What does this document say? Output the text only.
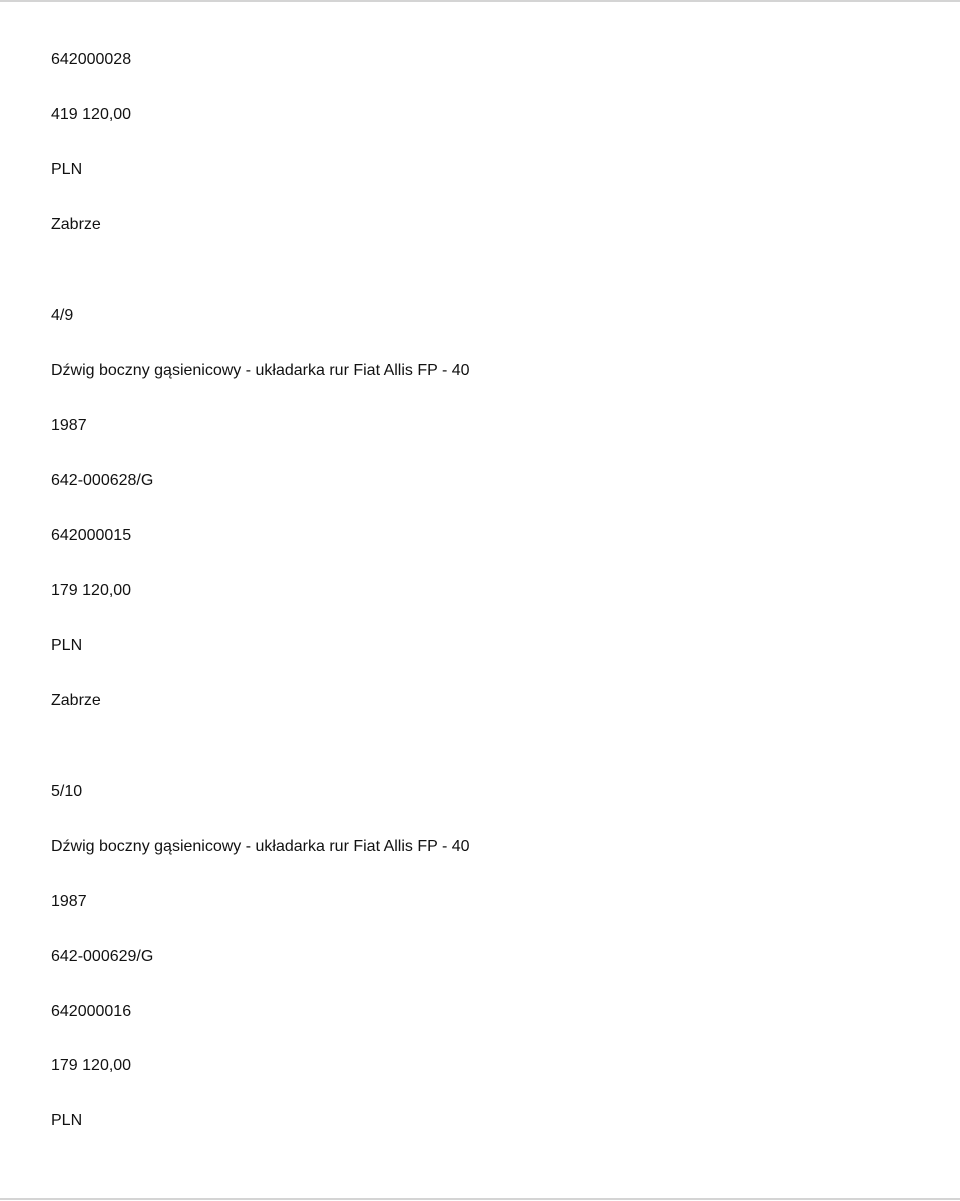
642000028
419 120,00
PLN
Zabrze
4/9
Dźwig boczny gąsienicowy - układarka rur Fiat Allis FP - 40
1987
642-000628/G
642000015
179 120,00
PLN
Zabrze
5/10
Dźwig boczny gąsienicowy - układarka rur Fiat Allis FP - 40
1987
642-000629/G
642000016
179 120,00
PLN
